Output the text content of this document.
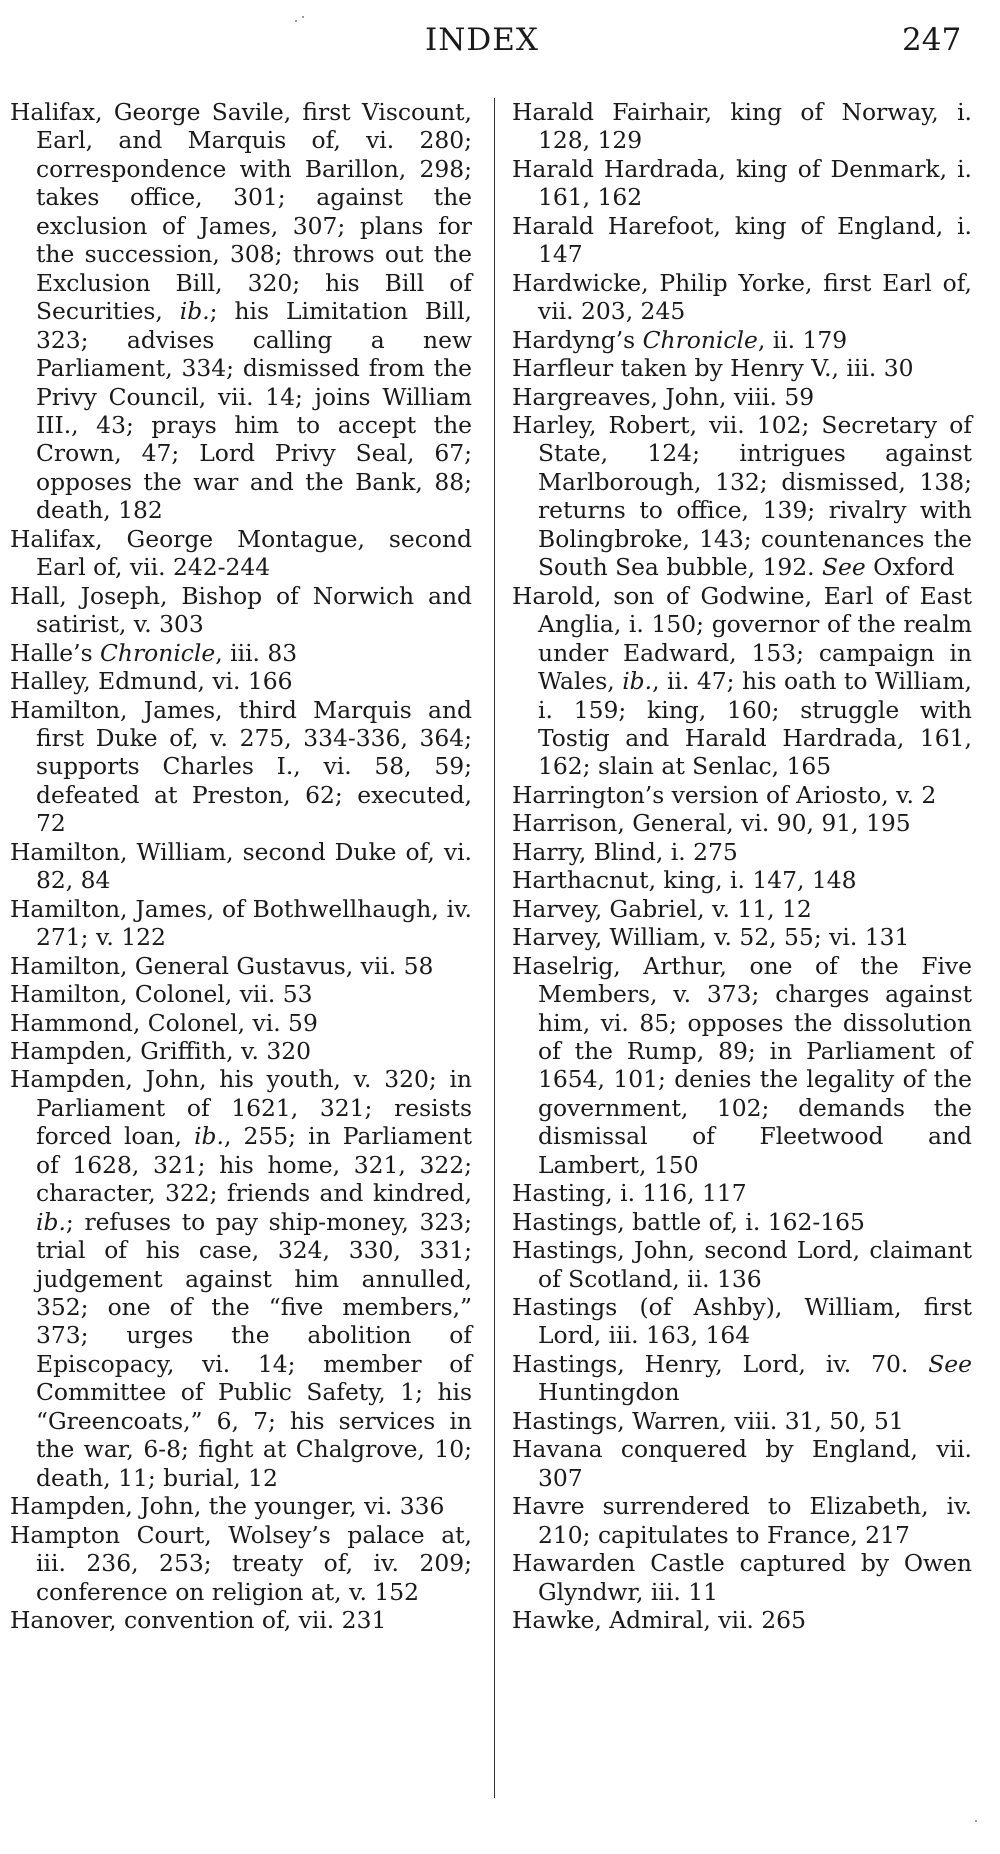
INDEX	247

Halifax, George Savile, first Viscount, Earl, and Marquis of, vi. 280; correspondence with Barillon, 298; takes office, 301; against the exclusion of James, 307; plans for the succession, 308; throws out the Exclusion Bill, 320; his Bill of Securities, ib.; his Limitation Bill, 323; advises calling a new Parliament, 334; dismissed from the Privy Council, vii. 14; joins William III., 43; prays him to accept the Crown, 47; Lord Privy Seal, 67; opposes the war and the Bank, 88; death, 182

Halifax, George Montague, second Earl of, vii. 242-244

Hall, Joseph, Bishop of Norwich and satirist, v. 303

Halle’s Chronicle, iii. 83

Halley, Edmund, vi. 166

Hamilton, James, third Marquis and first Duke of, v. 275, 334-336, 364; supports Charles I., vi. 58, 59; defeated at Preston, 62; executed, 72

Hamilton, William, second Duke of, vi. 82, 84

Hamilton, James, of Bothwellhaugh, iv. 271; v. 122

Hamilton, General Gustavus, vii. 58

Hamilton, Colonel, vii. 53

Hammond, Colonel, vi. 59

Hampden, Griffith, v. 320

Hampden, John, his youth, v. 320; in Parliament of 1621, 321; resists forced loan, ib., 255; in Parliament of 1628, 321; his home, 321, 322; character, 322; friends and kindred, ib.; refuses to pay ship-money, 323; trial of his case, 324, 330, 331; judgement against him annulled, 352; one of the “five members,” 373; urges the abolition of Episcopacy, vi. 14; member of Committee of Public Safety, 1; his “Greencoats,” 6, 7; his services in the war, 6-8; fight at Chalgrove, 10; death, 11; burial, 12

Hampden, John, the younger, vi. 336

Hampton Court, Wolsey’s palace at, iii. 236, 253; treaty of, iv. 209; conference on religion at, v. 152

Hanover, convention of, vii. 231

Harald Fairhair, king of Norway, i. 128, 129

Harald Hardrada, king of Denmark, i. 161, 162

Harald Harefoot, king of England, i. 147

Hardwicke, Philip Yorke, first Earl of, vii. 203, 245

Hardyng’s Chronicle, ii. 179

Harfleur taken by Henry V., iii. 30

Hargreaves, John, viii. 59

Harley, Robert, vii. 102; Secretary of State, 124; intrigues against Marlborough, 132; dismissed, 138; returns to office, 139; rivalry with Bolingbroke, 143; countenances the South Sea bubble, 192. See Oxford

Harold, son of Godwine, Earl of East Anglia, i. 150; governor of the realm under Eadward, 153; campaign in Wales, ib., ii. 47; his oath to William, i. 159; king, 160; struggle with Tostig and Harald Hardrada, 161, 162; slain at Senlac, 165

Harrington’s version of Ariosto, v. 2

Harrison, General, vi. 90, 91, 195

Harry, Blind, i. 275

Harthacnut, king, i. 147, 148

Harvey, Gabriel, v. 11, 12

Harvey, William, v. 52, 55; vi. 131

Haselrig, Arthur, one of the Five Members, v. 373; charges against him, vi. 85; opposes the dissolution of the Rump, 89; in Parliament of 1654, 101; denies the legality of the government, 102; demands the dismissal of Fleetwood and Lambert, 150

Hasting, i. 116, 117

Hastings, battle of, i. 162-165

Hastings, John, second Lord, claimant of Scotland, ii. 136

Hastings (of Ashby), William, first Lord, iii. 163, 164

Hastings, Henry, Lord, iv. 70. See Huntingdon

Hastings, Warren, viii. 31, 50, 51

Havana conquered by England, vii. 307

Havre surrendered to Elizabeth, iv. 210; capitulates to France, 217

Hawarden Castle captured by Owen Glyndwr, iii. 11

Hawke, Admiral, vii. 265
